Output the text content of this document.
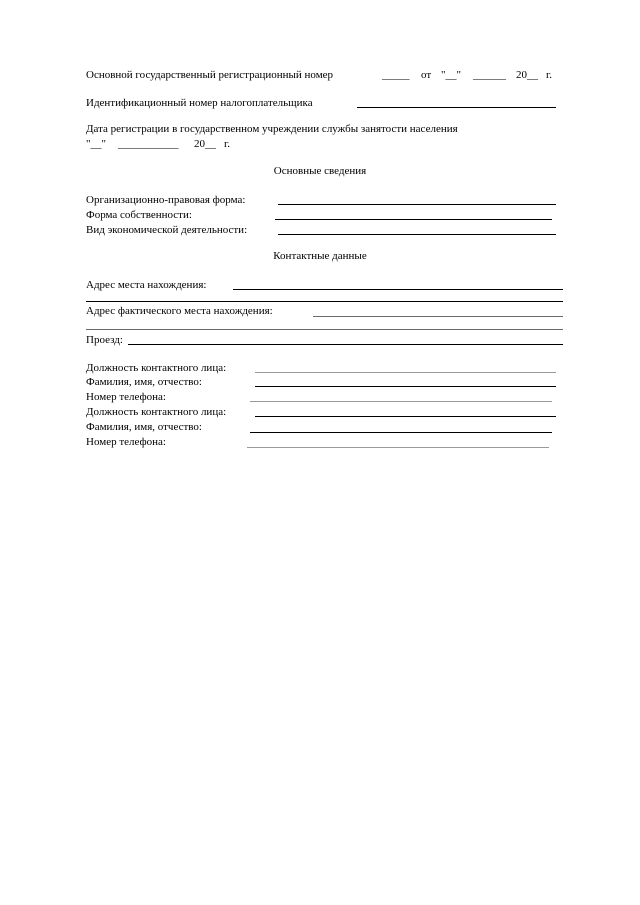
Основной государственный регистрационный номер	_____ от "__" ______ 20__ г.
Идентификационный номер налогоплательщика
Дата регистрации в государственном учреждении службы занятости населения
"__" ___________ 20__ г.
Основные сведения
Организационно-правовая форма:
Форма собственности:
Вид экономической деятельности:
Контактные данные
Адрес места нахождения:
Адрес фактического места нахождения:
Проезд:
Должность контактного лица:
Фамилия, имя, отчество:
Номер телефона:
Должность контактного лица:
Фамилия, имя, отчество:
Номер телефона:
